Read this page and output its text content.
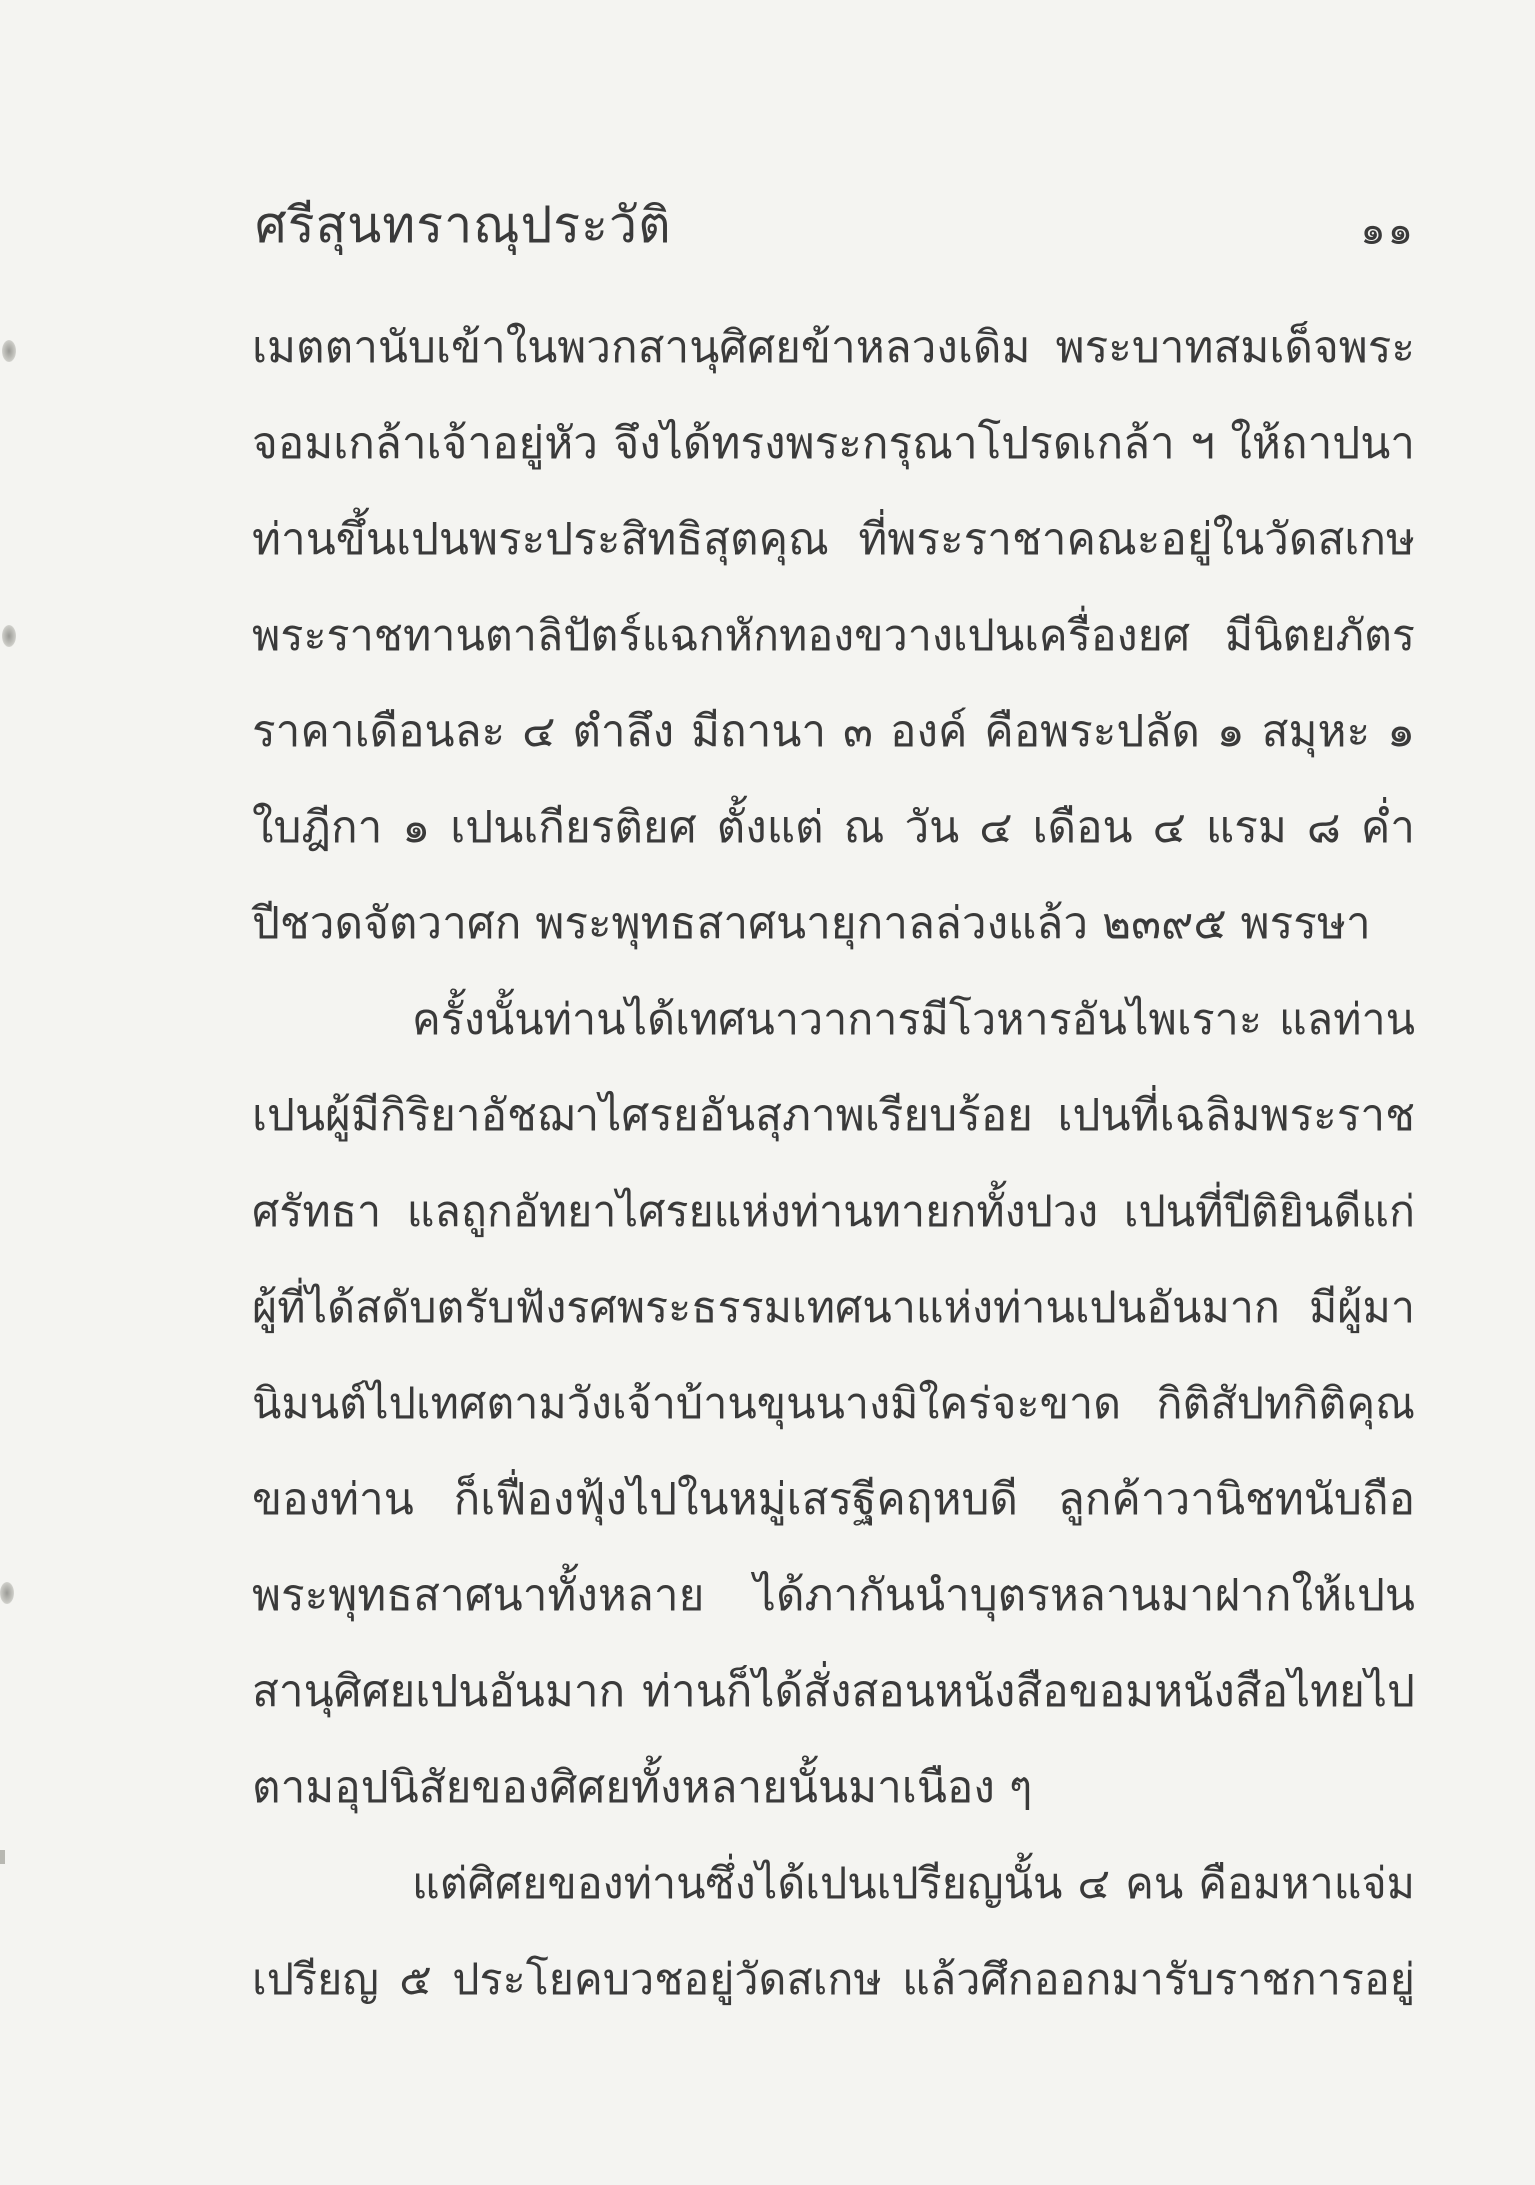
ศรีสุนทราณุประวัติ	๑๑
เมตตานับเข้าในพวกสานุศิศยข้าหลวงเดิม พระบาทสมเด็จพระ
จอมเกล้าเจ้าอยู่หัว จึงได้ทรงพระกรุณาโปรดเกล้า ฯ ให้ถาปนา
ท่านขึ้นเปนพระประสิทธิสุตคุณ ที่พระราชาคณะอยู่ในวัดสเกษ
พระราชทานตาลิปัตร์แฉกหักทองขวางเปนเครื่องยศ มีนิตยภัตร
ราคาเดือนละ ๔ ตำลึง มีถานา ๓ องค์ คือพระปลัด ๑ สมุหะ ๑
ใบฎีกา ๑ เปนเกียรติยศ ตั้งแต่ ณ วัน ๔ เดือน ๔ แรม ๘ ค่ำ
ปีชวดจัตวาศก พระพุทธสาศนายุกาลล่วงแล้ว ๒๓๙๕ พรรษา
ครั้งนั้นท่านได้เทศนาวาการมีโวหารอันไพเราะ แลท่าน
เปนผู้มีกิริยาอัชฌาไศรยอันสุภาพเรียบร้อย เปนที่เฉลิมพระราช
ศรัทธา แลถูกอัทยาไศรยแห่งท่านทายกทั้งปวง เปนที่ปีติยินดีแก่
ผู้ที่ได้สดับตรับฟังรศพระธรรมเทศนาแห่งท่านเปนอันมาก มีผู้มา
นิมนต์ไปเทศตามวังเจ้าบ้านขุนนางมิใคร่จะขาด กิติสัปทกิติคุณ
ของท่าน ก็เฟื่องฟุ้งไปในหมู่เสรฐีคฤหบดี ลูกค้าวานิชทนับถือ
พระพุทธสาศนาทั้งหลาย ได้ภากันนำบุตรหลานมาฝากให้เปน
สานุศิศยเปนอันมาก ท่านก็ได้สั่งสอนหนังสือขอมหนังสือไทยไป
ตามอุปนิสัยของศิศยทั้งหลายนั้นมาเนือง ๆ
แต่ศิศยของท่านซึ่งได้เปนเปรียญนั้น ๔ คน คือมหาแจ่ม
เปรียญ ๕ ประโยคบวชอยู่วัดสเกษ แล้วศึกออกมารับราชการอยู่
